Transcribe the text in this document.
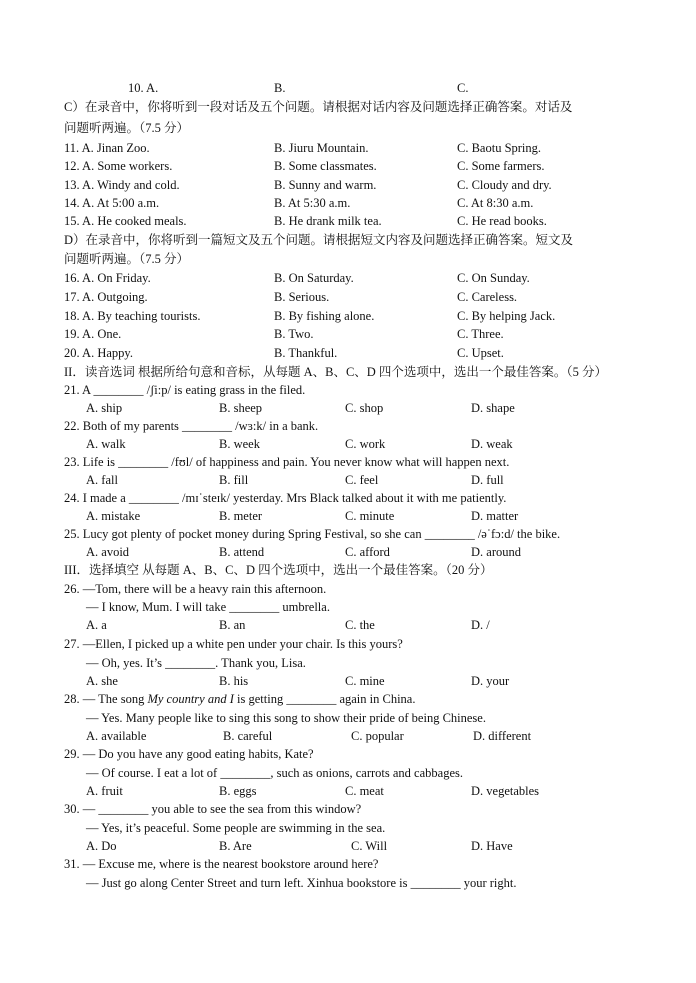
10. A.	B.	C.
C）在录音中，你将听到一段对话及五个问题。请根据对话内容及问题选择正确答案。对话及
问题听两遍。（7.5 分）
11. A. Jinan Zoo.	B. Jiuru Mountain.	C. Baotu Spring.
12. A. Some workers.	B. Some classmates.	C. Some farmers.
13. A. Windy and cold.	B. Sunny and warm.	C. Cloudy and dry.
14. A. At 5:00 a.m.	B. At 5:30 a.m.	C. At 8:30 a.m.
15. A. He cooked meals.	B. He drank milk tea.	C. He read books.
D）在录音中，你将听到一篇短文及五个问题。请根据短文内容及问题选择正确答案。短文及
问题听两遍。（7.5 分）
16. A. On Friday.	B. On Saturday.	C. On Sunday.
17. A. Outgoing.	B. Serious.	C. Careless.
18. A. By teaching tourists.	B. By fishing alone.	C. By helping Jack.
19. A. One.	B. Two.	C. Three.
20. A. Happy.	B. Thankful.	C. Upset.
II．读音选词 根据所给句意和音标，从每题 A、B、C、D 四个选项中，选出一个最佳答案。（5 分）
21. A ________ /ʃi:p/ is eating grass in the filed.
A. ship	B. sheep	C. shop	D. shape
22. Both of my parents ________ /wɜ:k/ in a bank.
A. walk	B. week	C. work	D. weak
23. Life is ________ /fʊl/ of happiness and pain. You never know what will happen next.
A. fall	B. fill	C. feel	D. full
24. I made a ________ /mɪˈsteɪk/ yesterday. Mrs Black talked about it with me patiently.
A. mistake	B. meter	C. minute	D. matter
25. Lucy got plenty of pocket money during Spring Festival, so she can ________ /əˈfɔ:d/ the bike.
A. avoid	B. attend	C. afford	D. around
III．选择填空 从每题 A、B、C、D 四个选项中，选出一个最佳答案。（20 分）
26. —Tom, there will be a heavy rain this afternoon.
— I know, Mum. I will take ________ umbrella.
A. a	B. an	C. the	D. /
27. —Ellen, I picked up a white pen under your chair. Is this yours?
— Oh, yes. It’s ________. Thank you, Lisa.
A. she	B. his	C. mine	D. your
28. — The song My country and I is getting ________ again in China.
— Yes. Many people like to sing this song to show their pride of being Chinese.
A. available	B. careful	C. popular	D. different
29. — Do you have any good eating habits, Kate?
— Of course. I eat a lot of ________, such as onions, carrots and cabbages.
A. fruit	B. eggs	C. meat	D. vegetables
30. — ________ you able to see the sea from this window?
— Yes, it’s peaceful. Some people are swimming in the sea.
A. Do	B. Are	C. Will	D. Have
31. — Excuse me, where is the nearest bookstore around here?
— Just go along Center Street and turn left. Xinhua bookstore is ________ your right.
